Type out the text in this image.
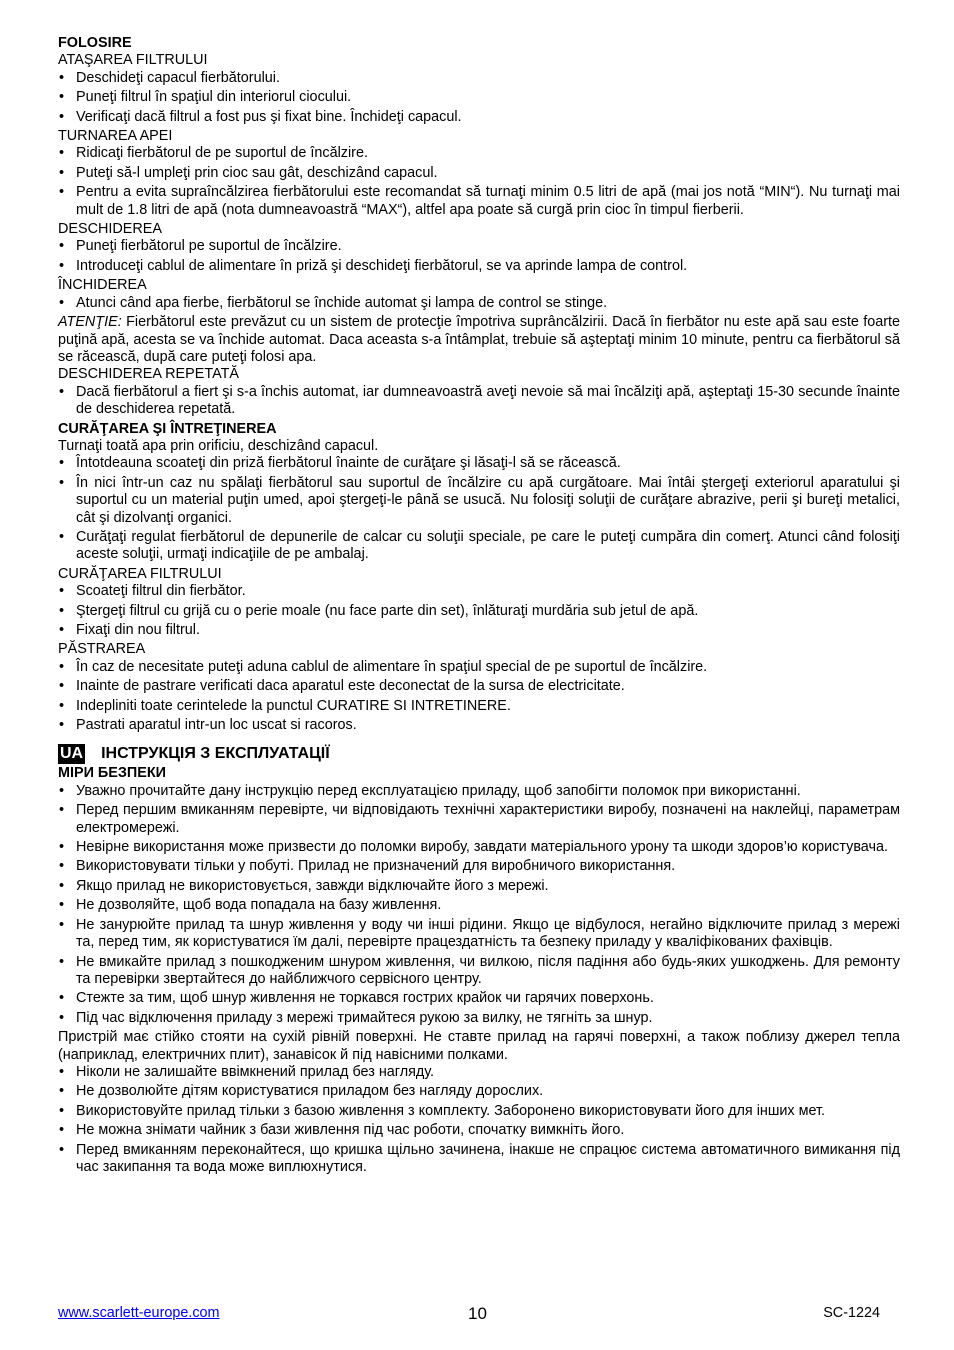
FOLOSIRE
ATAŞAREA FILTRULUI
• Deschideţi capacul fierbătorului.
• Puneţi filtrul în spaţiul din interiorul ciocului.
• Verificaţi dacă filtrul a fost pus şi fixat bine. Închideţi capacul.
TURNAREA APEI
• Ridicaţi fierbătorul de pe suportul de încălzire.
• Puteţi să-l umpleţi prin cioc sau gât, deschizând capacul.
• Pentru a evita supraîncălzirea fierbătorului este recomandat să turnaţi minim 0.5 litri de apă (mai jos notă “MIN“). Nu turnaţi mai mult de 1.8 litri de apă (nota dumneavoastră “MAX“), altfel apa poate să curgă prin cioc în timpul fierberii.
DESCHIDEREA
• Puneţi fierbătorul pe suportul de încălzire.
• Introduceţi cablul de alimentare în priză şi deschideţi fierbătorul, se va aprinde lampa de control.
ÎNCHIDEREA
• Atunci când apa fierbe, fierbătorul se închide automat şi lampa de control se stinge.
ATENŢIE: Fierbătorul este prevăzut cu un sistem de protecţie împotriva suprâncălzirii. Dacă în fierbător nu este apă sau este foarte puţină apă, acesta se va închide automat. Daca aceasta s-a întâmplat, trebuie să aşteptaţi minim 10 minute, pentru ca fierbătorul să se răcească, după care puteţi folosi apa.
DESCHIDEREA REPETATĂ
• Dacă fierbătorul a fiert şi s-a închis automat, iar dumneavoastră aveţi nevoie să mai încălziţi apă, aşteptaţi 15-30 secunde înainte de deschiderea repetată.
CURĂŢAREA ŞI ÎNTREŢINEREA
Turnaţi toată apa prin orificiu, deschizând capacul.
• Întotdeauna scoateţi din priză fierbătorul înainte de curăţare şi lăsaţi-l să se răcească.
• În nici într-un caz nu spălaţi fierbătorul sau suportul de încălzire cu apă curgătoare. Mai întâi ştergeţi exteriorul aparatului şi suportul cu un material puţin umed, apoi ştergeţi-le până se usucă. Nu folosiţi soluţii de curăţare abrazive, perii şi bureţi metalici, cât şi dizolvanţi organici.
• Curăţaţi regulat fierbătorul de depunerile de calcar cu soluţii speciale, pe care le puteţi cumpăra din comerţ. Atunci când folosiţi aceste soluţii, urmaţi indicaţiile de pe ambalaj.
CURĂŢAREA FILTRULUI
• Scoateţi filtrul din fierbător.
• Ştergeţi filtrul cu grijă cu o perie moale (nu face parte din set), înlăturaţi murdăria sub jetul de apă.
• Fixaţi din nou filtrul.
PĂSTRAREA
• În caz de necesitate puteţi aduna cablul de alimentare în spaţiul special de pe suportul de încălzire.
• Inainte de pastrare verificati daca aparatul este deconectat de la sursa de electricitate.
• Indepliniti toate cerintelede la punctul CURATIRE SI INTRETINERE.
• Pastrati aparatul intr-un loc uscat si racoros.
UA ІНСТРУКЦІЯ З ЕКСПЛУАТАЦІЇ
МІРИ БЕЗПЕКИ
• Уважно прочитайте дану інструкцію перед експлуатацією приладу, щоб запобігти поломок при використанні.
• Перед першим вмиканням перевірте, чи відповідають технічні характеристики виробу, позначені на наклейці, параметрам електромережі.
• Невірне використання може призвести до поломки виробу, завдати матеріального урону та шкоди здоров’ю користувача.
• Використовувати тільки у побуті. Прилад не призначений для виробничого використання.
• Якщо прилад не використовується, завжди відключайте його з мережі.
• Не дозволяйте, щоб вода попадала на базу живлення.
• Не занурюйте прилад та шнур живлення у воду чи інші рідини. Якщо це відбулося, негайно відключите прилад з мережі та, перед тим, як користуватися їм далі, перевірте працездатність та безпеку приладу у кваліфікованих фахівців.
• Не вмикайте прилад з пошкодженим шнуром живлення, чи вилкою, після падіння або будь-яких ушкоджень. Для ремонту та перевірки звертайтеся до найближчого сервісного центру.
• Стежте за тим, щоб шнур живлення не торкався гострих крайок чи гарячих поверхонь.
• Під час відключення приладу з мережі тримайтеся рукою за вилку, не тягніть за шнур.
Пристрій має стійко стояти на сухій рівній поверхні. Не ставте прилад на гарячі поверхні, а також поблизу джерел тепла (наприклад, електричних плит), занавісок й під навісними полками.
• Ніколи не залишайте ввімкнений прилад без нагляду.
• Не дозволюйте дітям користуватися приладом без нагляду дорослих.
• Використовуйте прилад тільки з базою живлення з комплекту. Заборонено використовувати його для інших мет.
• Не можна знімати чайник з бази живлення під час роботи, спочатку вимкніть його.
• Перед вмиканням переконайтеся, що кришка щільно зачинена, інакше не спрацює система автоматичного вимикання під час закипання та вода може виплюхнутися.
www.scarlett-europe.com	10	SC-1224
